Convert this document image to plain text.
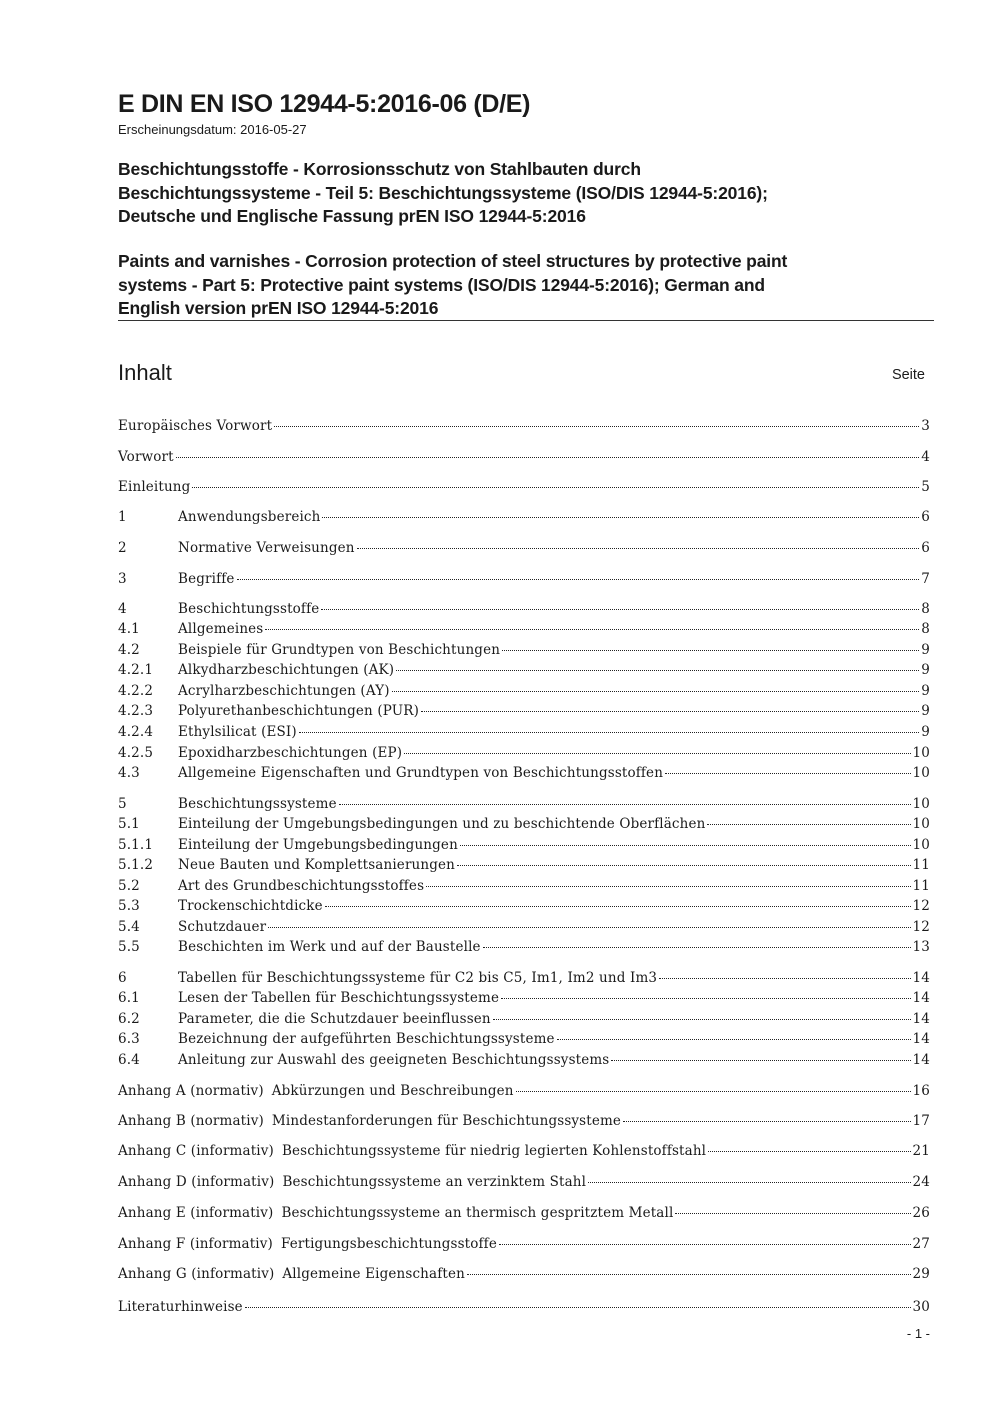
E DIN EN ISO 12944-5:2016-06 (D/E)
Erscheinungsdatum: 2016-05-27
Beschichtungsstoffe - Korrosionsschutz von Stahlbauten durch
Beschichtungssysteme - Teil 5: Beschichtungssysteme (ISO/DIS 12944-5:2016);
Deutsche und Englische Fassung prEN ISO 12944-5:2016
Paints and varnishes - Corrosion protection of steel structures by protective paint
systems - Part 5: Protective paint systems (ISO/DIS 12944-5:2016); German and
English version prEN ISO 12944-5:2016
Inhalt	Seite
Europäisches Vorwort	3
Vorwort	4
Einleitung	5
1	Anwendungsbereich	6
2	Normative Verweisungen	6
3	Begriffe	7
4	Beschichtungsstoffe	8
4.1	Allgemeines	8
4.2	Beispiele für Grundtypen von Beschichtungen	9
4.2.1	Alkydharzbeschichtungen (AK)	9
4.2.2	Acrylharzbeschichtungen (AY)	9
4.2.3	Polyurethanbeschichtungen (PUR)	9
4.2.4	Ethylsilicat (ESI)	9
4.2.5	Epoxidharzbeschichtungen (EP)	10
4.3	Allgemeine Eigenschaften und Grundtypen von Beschichtungsstoffen	10
5	Beschichtungssysteme	10
5.1	Einteilung der Umgebungsbedingungen und zu beschichtende Oberflächen	10
5.1.1	Einteilung der Umgebungsbedingungen	10
5.1.2	Neue Bauten und Komplettsanierungen	11
5.2	Art des Grundbeschichtungsstoffes	11
5.3	Trockenschichtdicke	12
5.4	Schutzdauer	12
5.5	Beschichten im Werk und auf der Baustelle	13
6	Tabellen für Beschichtungssysteme für C2 bis C5, Im1, Im2 und Im3	14
6.1	Lesen der Tabellen für Beschichtungssysteme	14
6.2	Parameter, die die Schutzdauer beeinflussen	14
6.3	Bezeichnung der aufgeführten Beschichtungssysteme	14
6.4	Anleitung zur Auswahl des geeigneten Beschichtungssystems	14
Anhang A (normativ) Abkürzungen und Beschreibungen	16
Anhang B (normativ) Mindestanforderungen für Beschichtungssysteme	17
Anhang C (informativ) Beschichtungssysteme für niedrig legierten Kohlenstoffstahl	21
Anhang D (informativ) Beschichtungssysteme an verzinktem Stahl	24
Anhang E (informativ) Beschichtungssysteme an thermisch gespritztem Metall	26
Anhang F (informativ) Fertigungsbeschichtungsstoffe	27
Anhang G (informativ) Allgemeine Eigenschaften	29
Literaturhinweise	30
- 1 -
